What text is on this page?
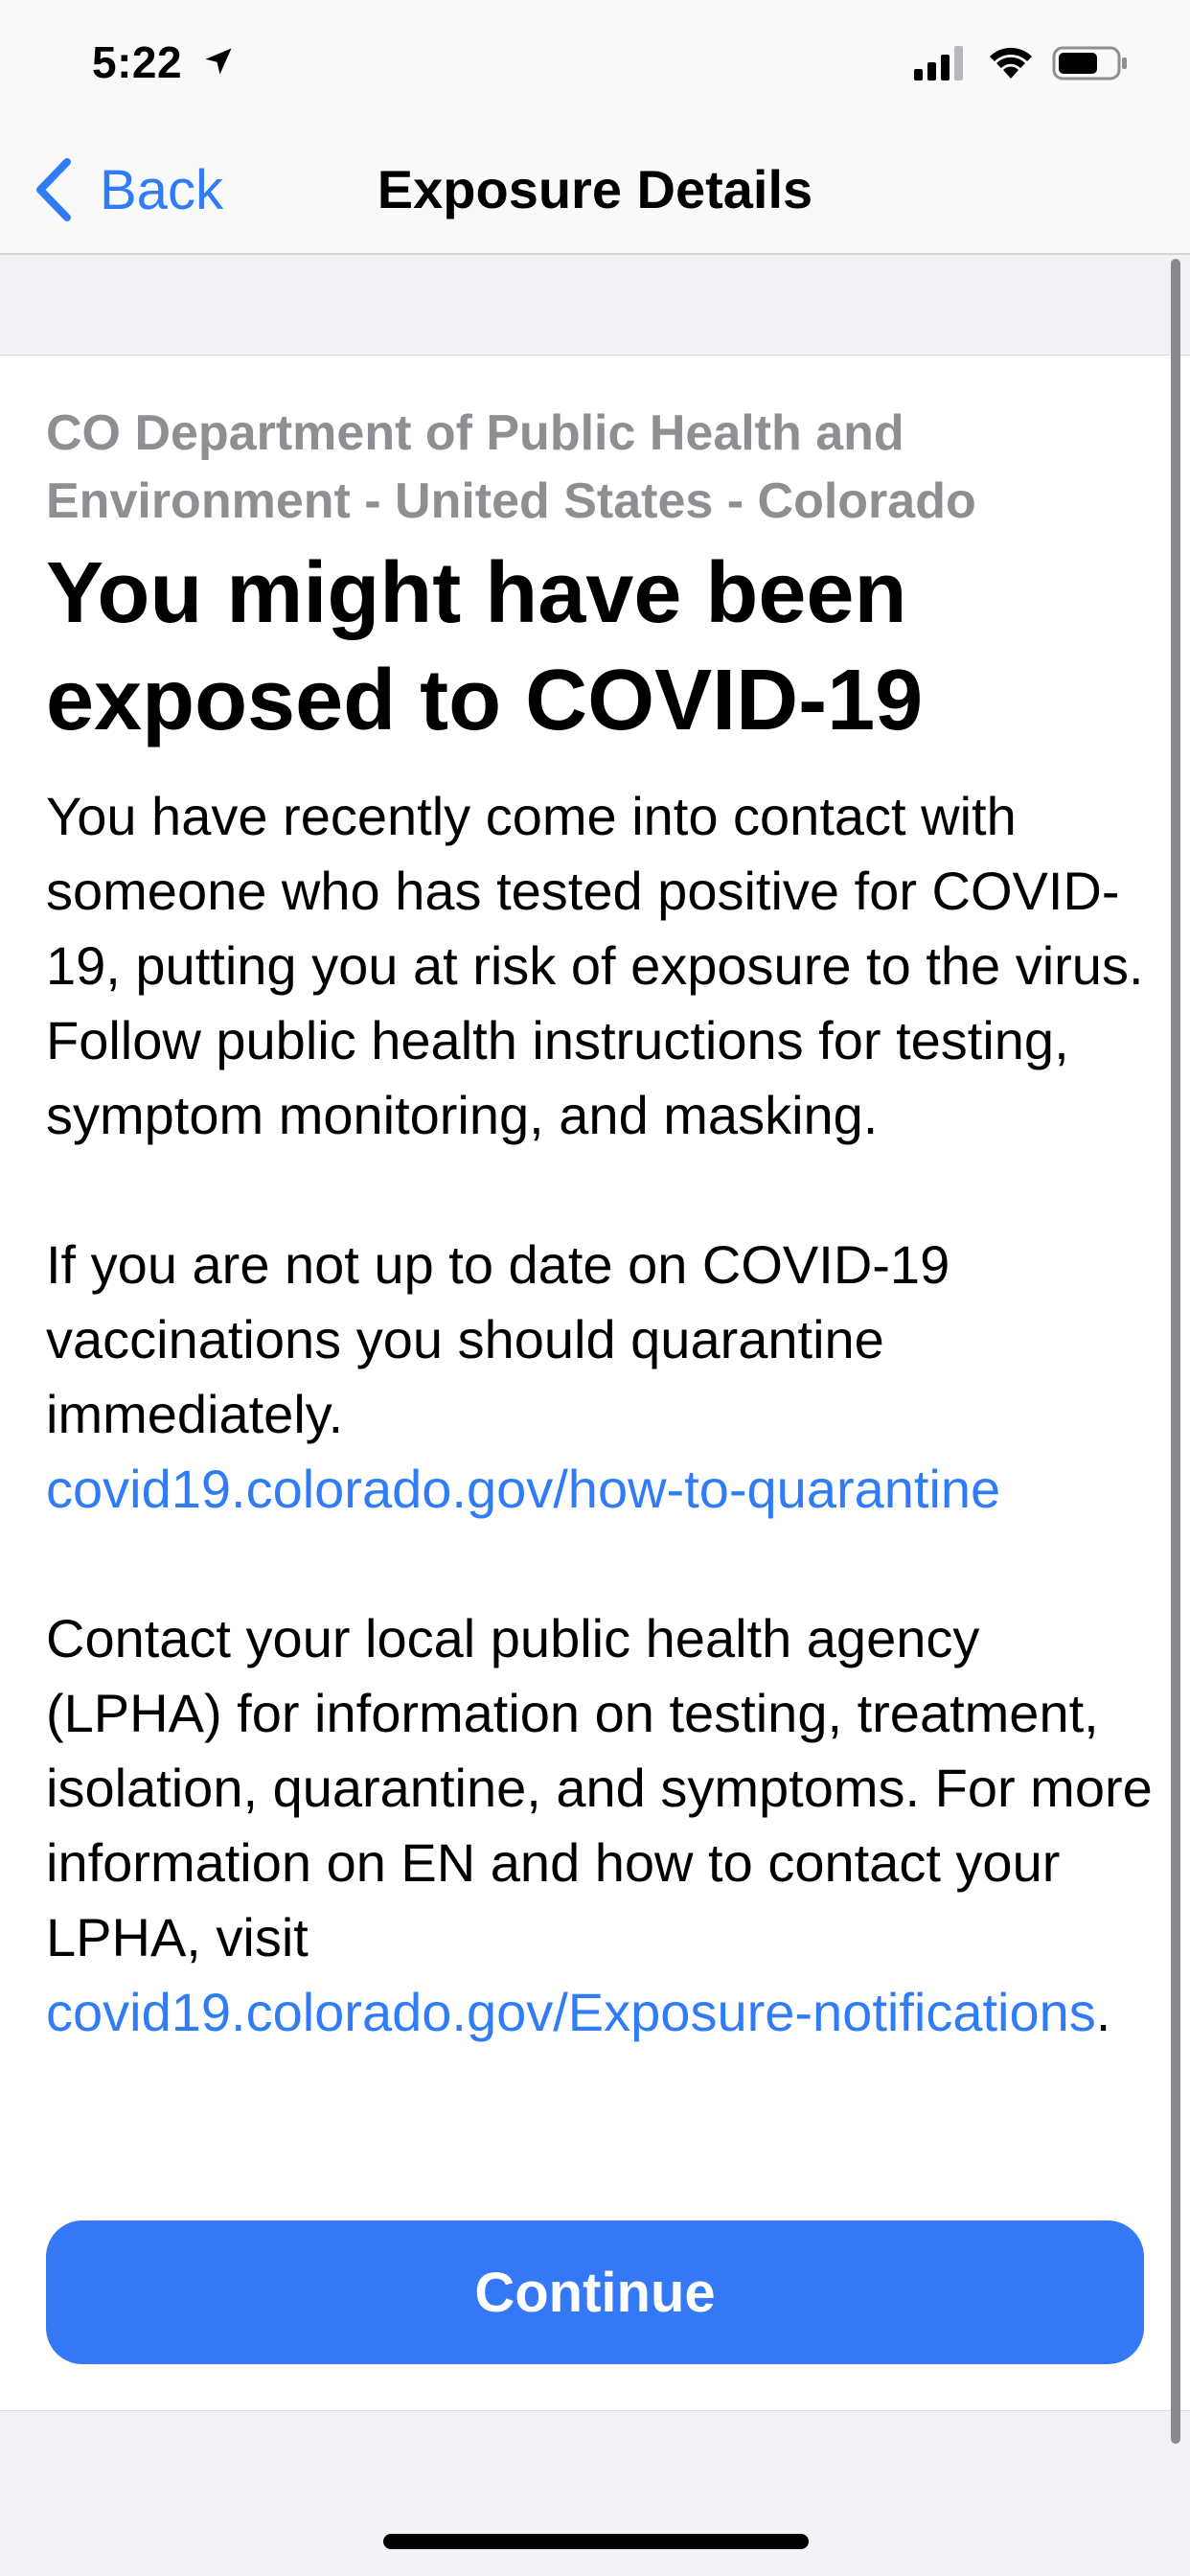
5:22
Back	Exposure Details
CO Department of Public Health and Environment - United States - Colorado
You might have been exposed to COVID-19

You have recently come into contact with someone who has tested positive for COVID-19, putting you at risk of exposure to the virus. Follow public health instructions for testing, symptom monitoring, and masking.

If you are not up to date on COVID-19 vaccinations you should quarantine immediately.
covid19.colorado.gov/how-to-quarantine

Contact your local public health agency (LPHA) for information on testing, treatment, isolation, quarantine, and symptoms. For more information on EN and how to contact your LPHA, visit
covid19.colorado.gov/Exposure-notifications.

Continue
